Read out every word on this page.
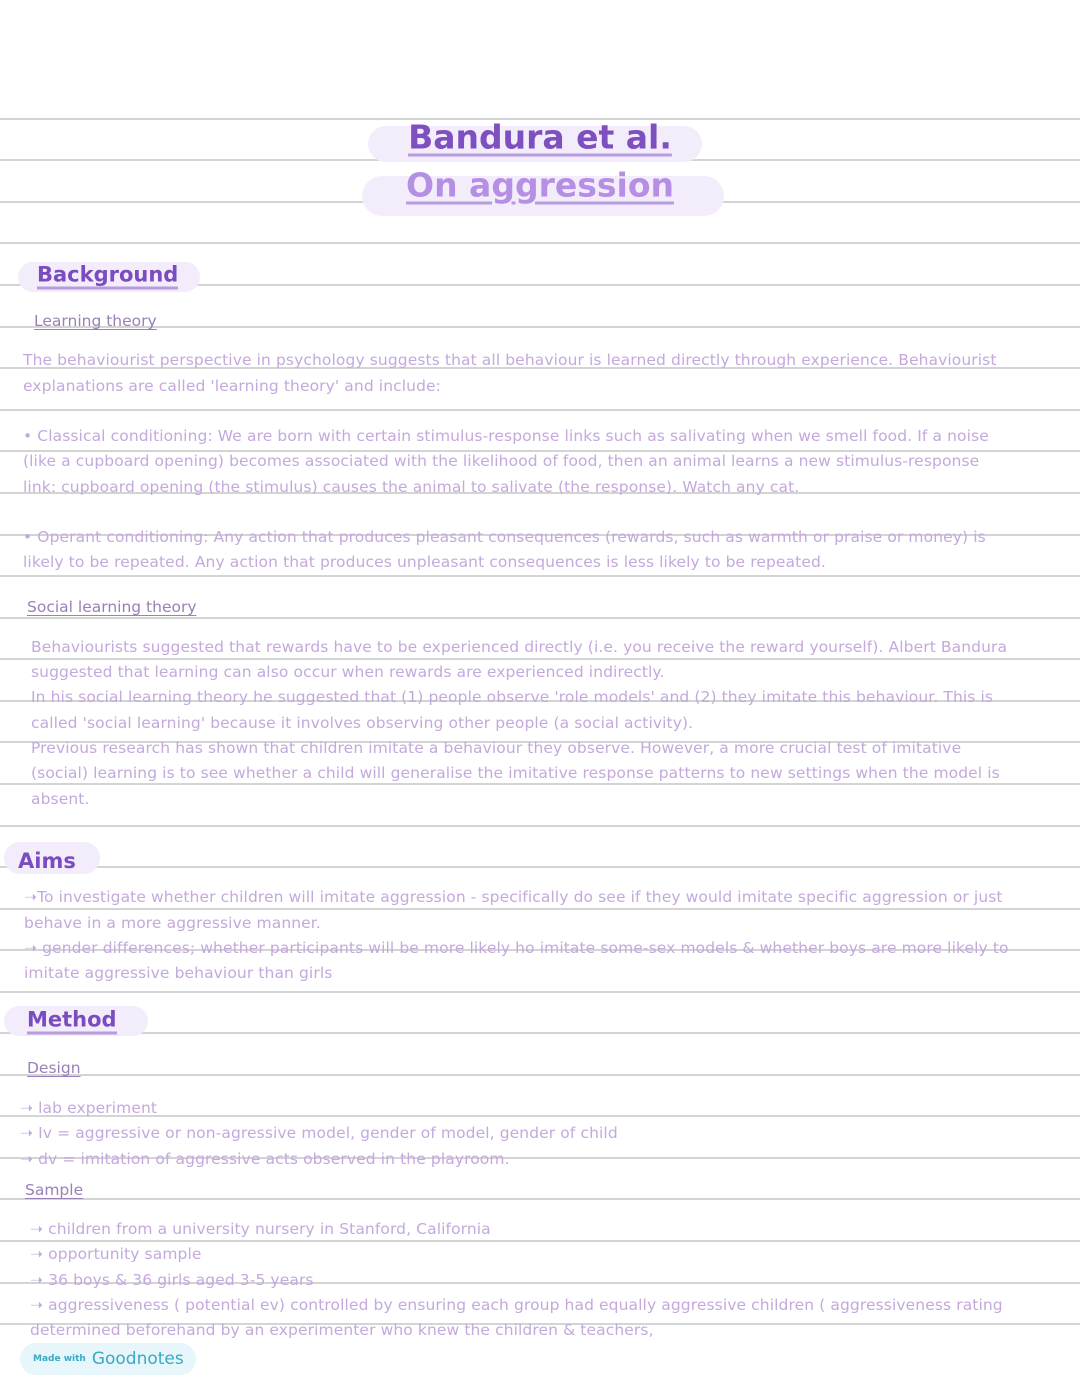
Bandura et al.
On aggression
Background
Learning theory
The behaviourist perspective in psychology suggests that all behaviour is learned directly through experience. Behaviourist
explanations are called 'learning theory' and include:
• Classical conditioning: We are born with certain stimulus-response links such as salivating when we smell food. If a noise
(like a cupboard opening) becomes associated with the likelihood of food, then an animal learns a new stimulus-response
link: cupboard opening (the stimulus) causes the animal to salivate (the response). Watch any cat.
• Operant conditioning: Any action that produces pleasant consequences (rewards, such as warmth or praise or money) is
likely to be repeated. Any action that produces unpleasant consequences is less likely to be repeated.
Social learning theory
Behaviourists suggested that rewards have to be experienced directly (i.e. you receive the reward yourself). Albert Bandura
suggested that learning can also occur when rewards are experienced indirectly.
In his social learning theory he suggested that (1) people observe 'role models' and (2) they imitate this behaviour. This is
called 'social learning' because it involves observing other people (a social activity).
Previous research has shown that children imitate a behaviour they observe. However, a more crucial test of imitative
(social) learning is to see whether a child will generalise the imitative response patterns to new settings when the model is
absent.
Aims
➝To investigate whether children will imitate aggression - specifically do see if they would imitate specific aggression or just
behave in a more aggressive manner.
➝ gender differences; whether participants will be more likely ho imitate some-sex models & whether boys are more likely to
imitate aggressive behaviour than girls
Method
Design
➝ lab experiment
➝ Iv = aggressive or non-agressive model, gender of model, gender of child
➝ dv = imitation of aggressive acts observed in the playroom.
Sample
➝ children from a university nursery in Stanford, California
➝ opportunity sample
➝ 36 boys & 36 girls aged 3-5 years
➝ aggressiveness ( potential ev) controlled by ensuring each group had equally aggressive children ( aggressiveness rating
determined beforehand by an experimenter who knew the children & teachers,
Made with Goodnotes
